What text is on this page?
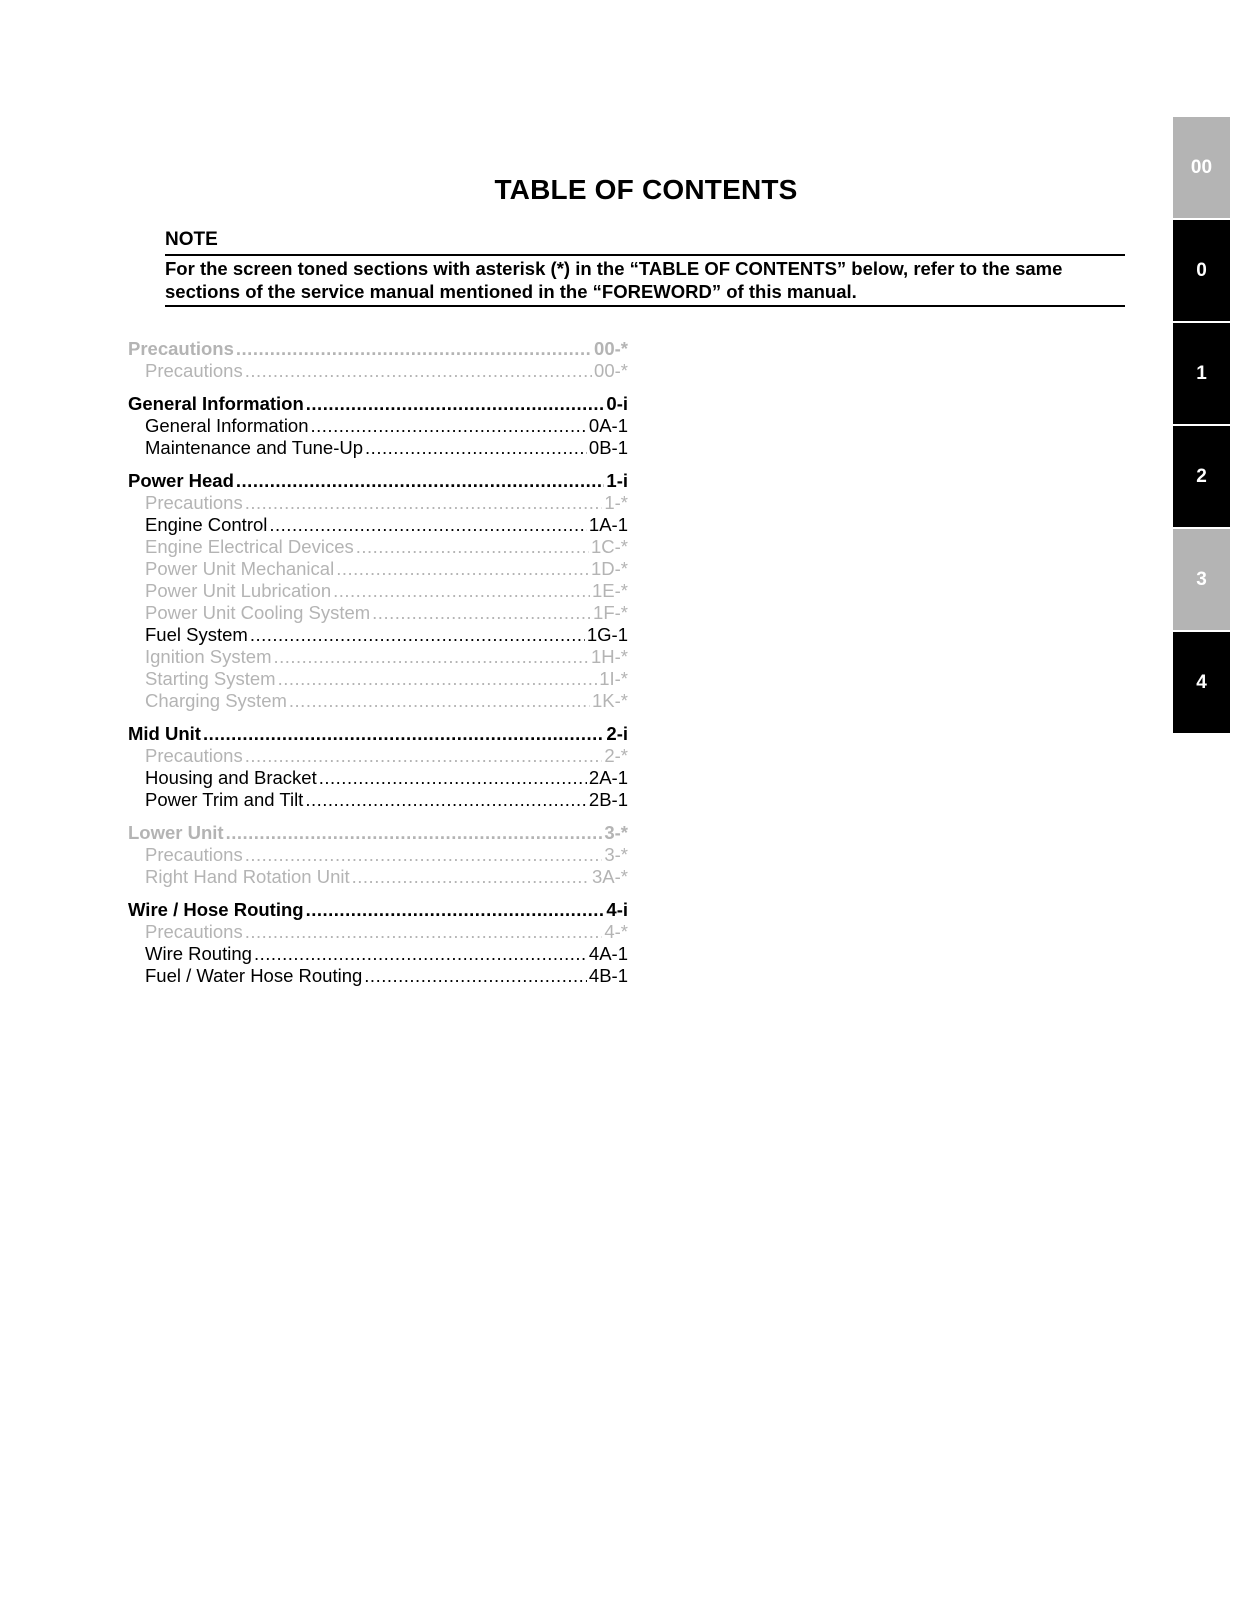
TABLE OF CONTENTS
NOTE
For the screen toned sections with asterisk (*) in the “TABLE OF CONTENTS” below, refer to the same sections of the service manual mentioned in the “FOREWORD” of this manual.
Precautions .....	00-*
Precautions .....	00-*
General Information .....	0-i
General Information .....	0A-1
Maintenance and Tune-Up .....	0B-1
Power Head .....	1-i
Precautions .....	1-*
Engine Control .....	1A-1
Engine Electrical Devices .....	1C-*
Power Unit Mechanical .....	1D-*
Power Unit Lubrication .....	1E-*
Power Unit Cooling System .....	1F-*
Fuel System .....	1G-1
Ignition System .....	1H-*
Starting System .....	1I-*
Charging System .....	1K-*
Mid Unit .....	2-i
Precautions .....	2-*
Housing and Bracket .....	2A-1
Power Trim and Tilt .....	2B-1
Lower Unit .....	3-*
Precautions .....	3-*
Right Hand Rotation Unit .....	3A-*
Wire / Hose Routing .....	4-i
Precautions .....	4-*
Wire Routing .....	4A-1
Fuel / Water Hose Routing .....	4B-1
00
0
1
2
3
4
